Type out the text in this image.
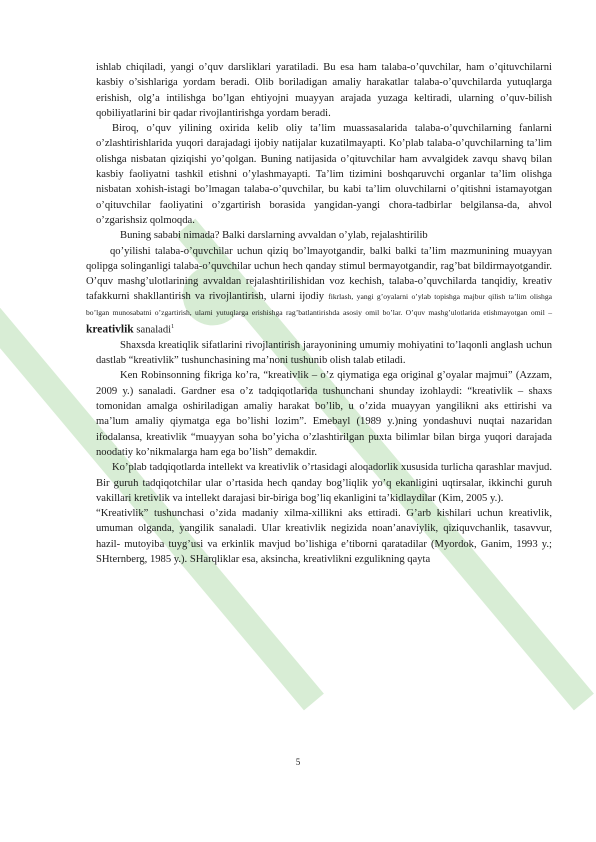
ishlab chiqiladi, yangi o’quv darsliklari yaratiladi. Bu esa ham talaba-o’quvchilar, ham o’qituvchilarni kasbiy o’sishlariga yordam beradi. Olib boriladigan amaliy harakatlar talaba-o’quvchilarda yutuqlarga erishish, olg’a intilishga bo’lgan ehtiyojni muayyan arajada yuzaga keltiradi, ularning o’quv-bilish qobiliyatlarini bir qadar rivojlantirishga yordam beradi.

Biroq, o’quv yilining oxirida kelib oliy ta’lim muassasalarida talaba-o’quvchilarning fanlarni o’zlashtirishlarida yuqori darajadagi ijobiy natijalar kuzatilmayapti. Ko’plab talaba-o’quvchilarning ta’lim olishga nisbatan qiziqishi yo’qolgan. Buning natijasida o’qituvchilar ham avvalgidek zavqu shavq bilan kasbiy faoliyatni tashkil etishni o’ylashmayapti. Ta’lim tizimini boshqaruvchi organlar ta’lim olishga nisbatan xohish-istagi bo’lmagan talaba-o’quvchilar, bu kabi ta’lim oluvchilarni o’qitishni istamayotgan o’qituvchilar faoliyatini o’zgartirish borasida yangidan-yangi chora-tadbirlar belgilansa-da, ahvol o’zgarishsiz qolmoqda.

Buning sababi nimada? Balki darslarning avvaldan o’ylab, rejalashtirilib

qo’yilishi talaba-o’quvchilar uchun qiziq bo’lmayotgandir, balki balki ta’lim mazmunining muayyan qolipga solinganligi talaba-o’quvchilar uchun hech qanday stimul bermayotgandir, rag’bat bildirmayotgandir. O’quv mashg’ulotlarining avvaldan rejalashtirilishidan voz kechish, talaba-o’quvchilarda tanqidiy, kreativ tafakkurni shakllantirish va rivojlantirish, ularni ijodiy fikrlash, yangi g’oyalarni o’ylab topishga majbur qilish ta’lim olishga bo’lgan munosabatni o’zgartirish, ularni yutuqlarga erishishga rag’batlantirishda asosiy omil bo’lar. O’quv mashg’ulotlarida etishmayotgan omil – kreativlik sanaladi$^1$

Shaxsda kreatiqlik sifatlarini rivojlantirish jarayonining umumiy mohiyatini to’laqonli anglash uchun dastlab “kreativlik” tushunchasining ma’noni tushunib olish talab etiladi.

Ken Robinsonning fikriga ko’ra, “kreativlik – o’z qiymatiga ega original g’oyalar majmui” (Azzam, 2009 y.) sanaladi. Gardner esa o’z tadqiqotlarida tushunchani shunday izohlaydi: “kreativlik – shaxs tomonidan amalga oshiriladigan amaliy harakat bo’lib, u o’zida muayyan yangilikni aks ettirishi va ma’lum amaliy qiymatga ega bo’lishi lozim”. Emebayl (1989 y.)ning yondashuvi nuqtai nazaridan ifodalansa, kreativlik “muayyan soha bo’yicha o’zlashtirilgan puxta bilimlar bilan birga yuqori darajada noodatiy ko’nikmalarga ham ega bo’lish” demakdir.

Ko’plab tadqiqotlarda intellekt va kreativlik o’rtasidagi aloqadorlik xususida turlicha qarashlar mavjud. Bir guruh tadqiqotchilar ular o’rtasida hech qanday bog’liqlik yo’q ekanligini uqtirsalar, ikkinchi guruh vakillari kretivlik va intellekt darajasi bir-biriga bog’liq ekanligini ta’kidlaydilar (Kim, 2005 y.).

“Kreativlik” tushunchasi o’zida madaniy xilma-xillikni aks ettiradi. G’arb kishilari uchun kreativlik, umuman olganda, yangilik sanaladi. Ular kreativlik negizida noan’anaviylik, qiziquvchanlik, tasavvur, hazil- mutoyiba tuyg’usi va erkinlik mavjud bo’lishiga e’tiborni qaratadilar (Myordok, Ganim, 1993 y.; SHternberg, 1985 y.). SHarqliklar esa, aksincha, kreativlikni ezgulikning qayta

5
